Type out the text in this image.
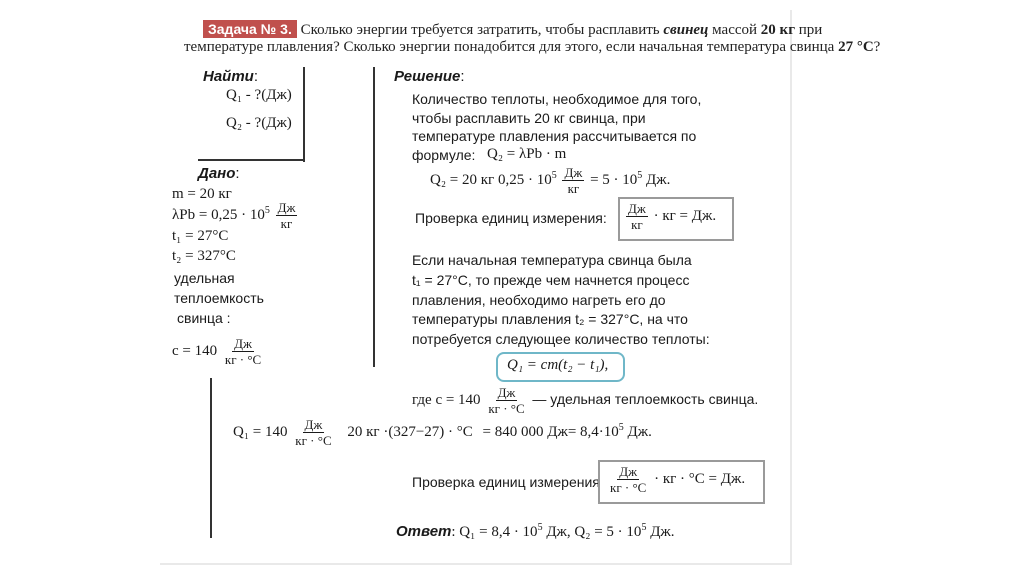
Задача № 3. Сколько энергии требуется затратить, чтобы расплавить свинец массой 20 кг при
температуре плавления? Сколько энергии понадобится для этого, если начальная температура свинца 27 °С?
Найти:
Q₁ - ?(Дж)
Q₂ - ?(Дж)
Дано:
m = 20 кг
$\lambda Pb = 0,25 \cdot 10^5 \frac{Дж}{кг}$
t₁ = 27°C
t₂ = 327°C
удельная
теплоемкость
свинца :
$c = 140 \frac{Дж}{кг \cdot ^\circ C}$
Решение:
Количество теплоты, необходимое для того,
чтобы расплавить 20 кг свинца, при
температуре плавления рассчитывается по
формуле: Q₂ = λPb · m
Q₂ = 20 кг $0,25 \cdot 10^5 \frac{Дж}{кг} = 5 \cdot 10^5$ Дж.
Проверка единиц измерения: $\frac{Дж}{кг}$ · кг = Дж.
Если начальная температура свинца была
t₁ = 27°C, то прежде чем начнется процесс
плавления, необходимо нагреть его до
температуры плавления t₂ = 327°C, на что
потребуется следующее количество теплоты:
Q₁ = cm(t₂ − t₁),
где $c = 140 \frac{Дж}{кг \cdot ^\circ C}$ — удельная теплоемкость свинца.
$Q_1 = 140 \frac{Дж}{кг \cdot ^\circ C} 20$ кг ·(327−27) · °C = 840 000 $Дж= 8,4\cdot 10^5$ Дж.
Проверка единиц измерения $\frac{Дж}{кг \cdot ^\circ C}$ · кг · °C = Дж.
Ответ: $Q_1 = 8,4 \cdot 10^5$ Дж, $Q_2 = 5 \cdot 10^5$ Дж.
